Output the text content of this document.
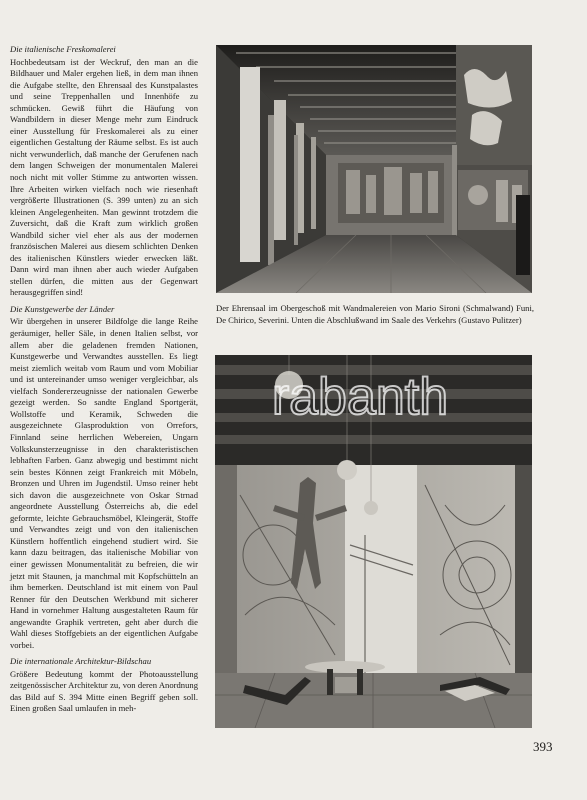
Die italienische Freskomalerei
Hochbedeutsam ist der Weckruf, den man an die Bildhauer und Maler ergehen ließ, in dem man ihnen die Aufgabe stellte, den Ehrensaal des Kunstpalastes und seine Treppenhallen und Innenhöfe zu schmücken. Gewiß führt die Häufung von Wandbildern in dieser Menge mehr zum Eindruck einer Ausstellung für Freskomalerei als zu einer eigentlichen Gestaltung der Räume selbst. Es ist auch nicht verwunderlich, daß manche der Gerufenen nach dem langen Schweigen der monumentalen Malerei noch nicht mit voller Stimme zu antworten wissen. Ihre Arbeiten wirken vielfach noch wie riesenhaft vergrößerte Illustrationen (S. 399 unten) zu an sich kleinen Angelegenheiten. Man gewinnt trotzdem die Zuversicht, daß die Kraft zum wirklich großen Wandbild sicher viel eher als aus der modernen französischen Malerei aus diesem schlichten Denken des italienischen Künstlers wieder erwecken läßt. Dann wird man ihnen aber auch wieder Aufgaben stellen dürfen, die mitten aus der Gegenwart herausgegriffen sind!
Die Kunstgewerbe der Länder
Wir übergehen in unserer Bildfolge die lange Reihe geräumiger, heller Säle, in denen Italien selbst, vor allem aber die geladenen fremden Nationen, Kunstgewerbe und Verwandtes ausstellen. Es liegt meist ziemlich weitab vom Raum und vom Mobiliar und ist untereinander umso weniger vergleichbar, als vielfach Sondererzeugnisse der nationalen Gewerbe gezeigt werden. So sandte England Sportgerät, Wollstoffe und Keramik, Schweden die ausgezeichnete Glasproduktion von Orrefors, Finnland seine herrlichen Webereien, Ungarn Volkskunsterzeugnisse in den charakteristischen lebhaften Farben. Ganz abwegig und bestimmt nicht sein bestes Können zeigt Frankreich mit Möbeln, Bronzen und Uhren im Jugendstil. Umso reiner hebt sich davon die ausgezeichnete von Oskar Strnad angeordnete Ausstellung Österreichs ab, die edel geformte, leichte Gebrauchsmöbel, Kleingerät, Stoffe und Verwandtes zeigt und von den italienischen Künstlern hoffentlich eingehend studiert wird. Sie kann dazu beitragen, das italienische Mobiliar von einer gewissen Monumentalität zu befreien, die wir jetzt mit Staunen, ja manchmal mit Kopfschütteln an ihm bemerken. Deutschland ist mit einem von Paul Renner für den Deutschen Werkbund mit sicherer Hand in vornehmer Haltung ausgestalteten Raum für angewandte Graphik vertreten, geht aber durch die Wahl dieses Stoffgebiets an der eigentlichen Aufgabe vorbei.
Die internationale Architektur-Bildschau
Größere Bedeutung kommt der Photoausstellung zeitgenössischer Architektur zu, von deren Anordnung das Bild auf S. 394 Mitte einen Begriff geben soll. Einen großen Saal umlaufen in meh-
Der Ehrensaal im Obergeschoß mit Wandmalereien von Mario Sironi (Schmalwand) Funi, De Chirico, Severini. Unten die Abschlußwand im Saale des Verkehrs (Gustavo Pulitzer)
rabanth
393
